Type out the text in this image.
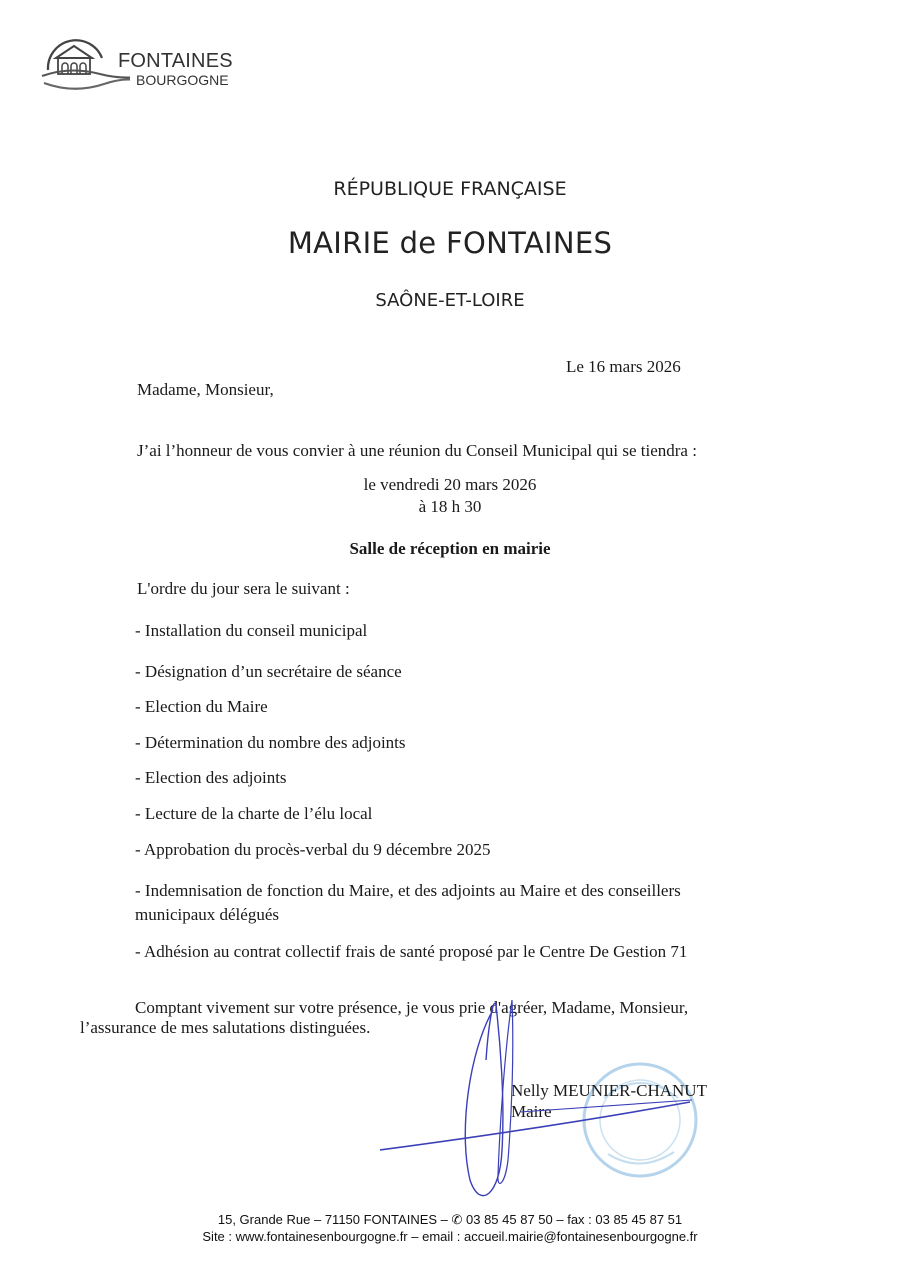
FONTAINES
BOURGOGNE
RÉPUBLIQUE FRANÇAISE
MAIRIE de FONTAINES
SAÔNE-ET-LOIRE
Le 16 mars 2026
Madame, Monsieur,
J’ai l’honneur de vous convier à une réunion du Conseil Municipal qui se tiendra :
le vendredi 20 mars 2026
à 18 h 30
Salle de réception en mairie
L'ordre du jour sera le suivant :
- Installation du conseil municipal
- Désignation d’un secrétaire de séance
- Election du Maire
- Détermination du nombre des adjoints
- Election des adjoints
- Lecture de la charte de l’élu local
- Approbation du procès-verbal du 9 décembre 2025
- Indemnisation de fonction du Maire, et des adjoints au Maire et des conseillers
municipaux délégués
- Adhésion au contrat collectif frais de santé proposé par le Centre De Gestion 71
Comptant vivement sur votre présence, je vous prie d'agréer, Madame, Monsieur,
l’assurance de mes salutations distinguées.
Nelly MEUNIER-CHANUT
Maire
15, Grande Rue – 71150 FONTAINES – ✆ 03 85 45 87 50 – fax : 03 85 45 87 51
Site : www.fontainesenbourgogne.fr – email : accueil.mairie@fontainesenbourgogne.fr
